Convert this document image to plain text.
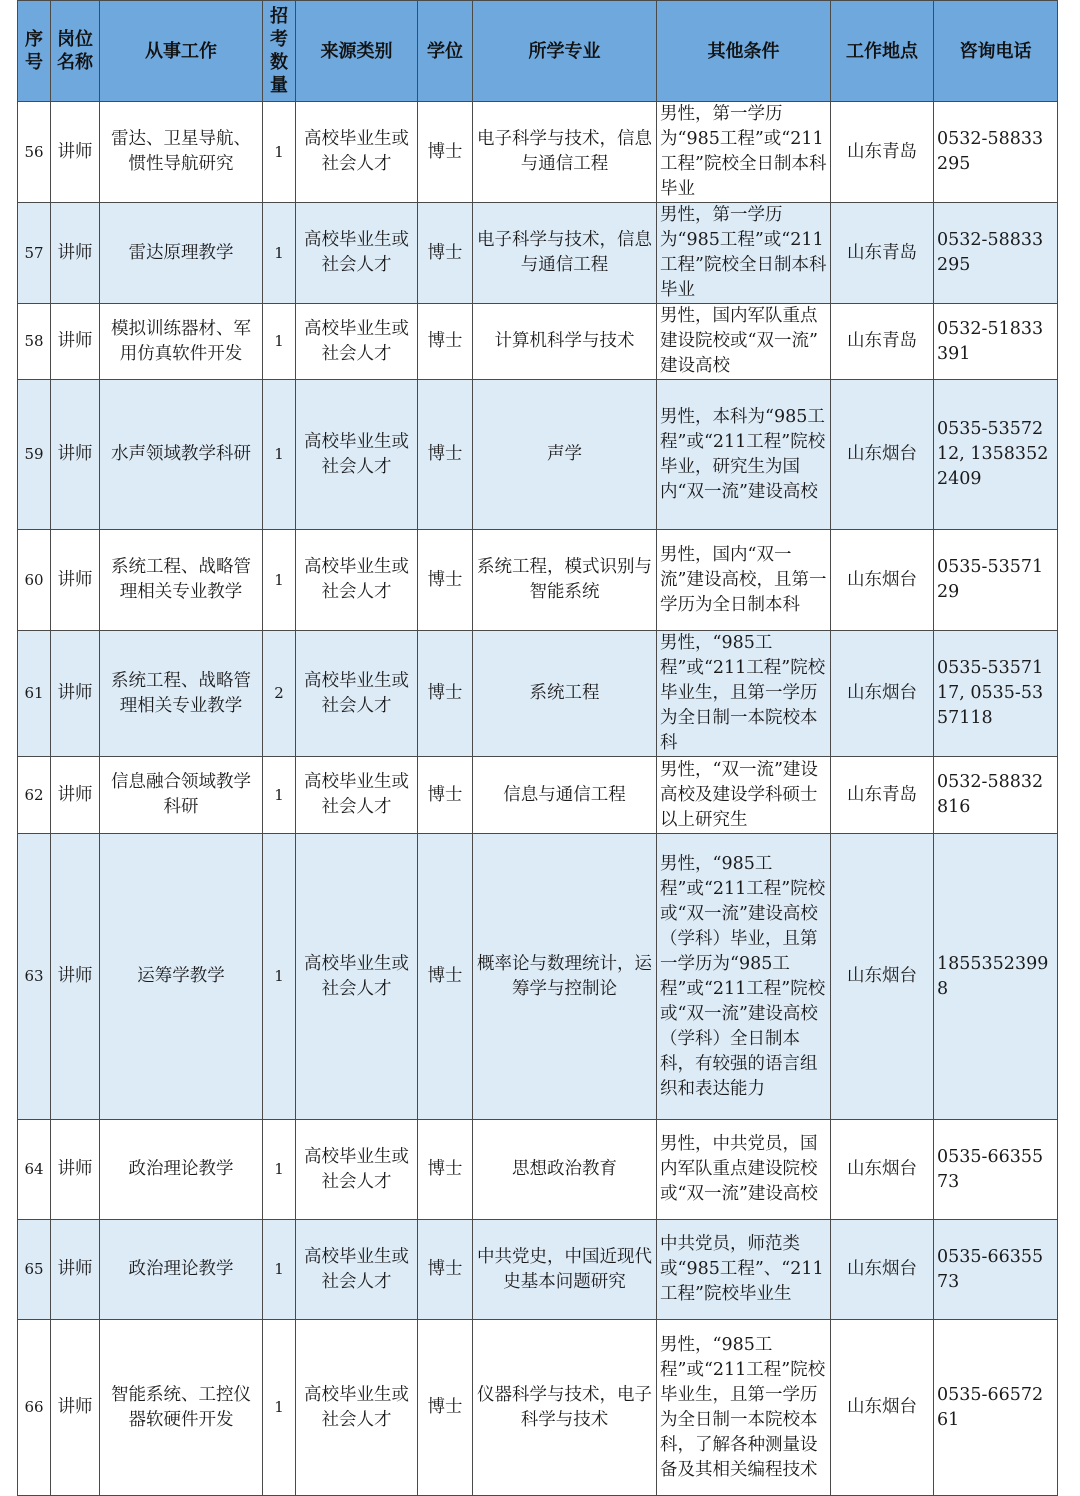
序号	岗位名称	从事工作	招考数量	来源类别	学位	所学专业	其他条件	工作地点	咨询电话
56	讲师	雷达、卫星导航、惯性导航研究	1	高校毕业生或社会人才	博士	电子科学与技术，信息与通信工程	男性，第一学历为“985工程”或“211工程”院校全日制本科毕业	山东青岛	0532-58833295
57	讲师	雷达原理教学	1	高校毕业生或社会人才	博士	电子科学与技术，信息与通信工程	男性，第一学历为“985工程”或“211工程”院校全日制本科毕业	山东青岛	0532-58833295
58	讲师	模拟训练器材、军用仿真软件开发	1	高校毕业生或社会人才	博士	计算机科学与技术	男性，国内军队重点建设院校或“双一流” 建设高校	山东青岛	0532-51833391
59	讲师	水声领域教学科研	1	高校毕业生或社会人才	博士	声学	男性，本科为“985工程”或“211工程”院校毕业，研究生为国内“双一流”建设高校	山东烟台	0535-5357212, 13583522409
60	讲师	系统工程、战略管理相关专业教学	1	高校毕业生或社会人才	博士	系统工程，模式识别与智能系统	男性，国内“双一流”建设高校，且第一学历为全日制本科	山东烟台	0535-5357129
61	讲师	系统工程、战略管理相关专业教学	2	高校毕业生或社会人才	博士	系统工程	男性，“985工程”或“211工程”院校毕业生，且第一学历为全日制一本院校本科	山东烟台	0535-5357117, 0535-5357118
62	讲师	信息融合领域教学科研	1	高校毕业生或社会人才	博士	信息与通信工程	男性，“双一流”建设高校及建设学科硕士以上研究生	山东青岛	0532-58832816
63	讲师	运筹学教学	1	高校毕业生或社会人才	博士	概率论与数理统计，运筹学与控制论	男性，“985工程”或“211工程”院校或“双一流”建设高校（学科）毕业，且第一学历为“985工程”或“211工程”院校或“双一流”建设高校（学科）全日制本科，有较强的语言组织和表达能力	山东烟台	18553523998
64	讲师	政治理论教学	1	高校毕业生或社会人才	博士	思想政治教育	男性，中共党员，国内军队重点建设院校或“双一流”建设高校	山东烟台	0535-6635573
65	讲师	政治理论教学	1	高校毕业生或社会人才	博士	中共党史，中国近现代史基本问题研究	中共党员，师范类或“985工程”、“211工程”院校毕业生	山东烟台	0535-6635573
66	讲师	智能系统、工控仪器软硬件开发	1	高校毕业生或社会人才	博士	仪器科学与技术，电子科学与技术	男性，“985工程”或“211工程”院校毕业生，且第一学历为全日制一本院校本科，了解各种测量设备及其相关编程技术	山东烟台	0535-6657261
